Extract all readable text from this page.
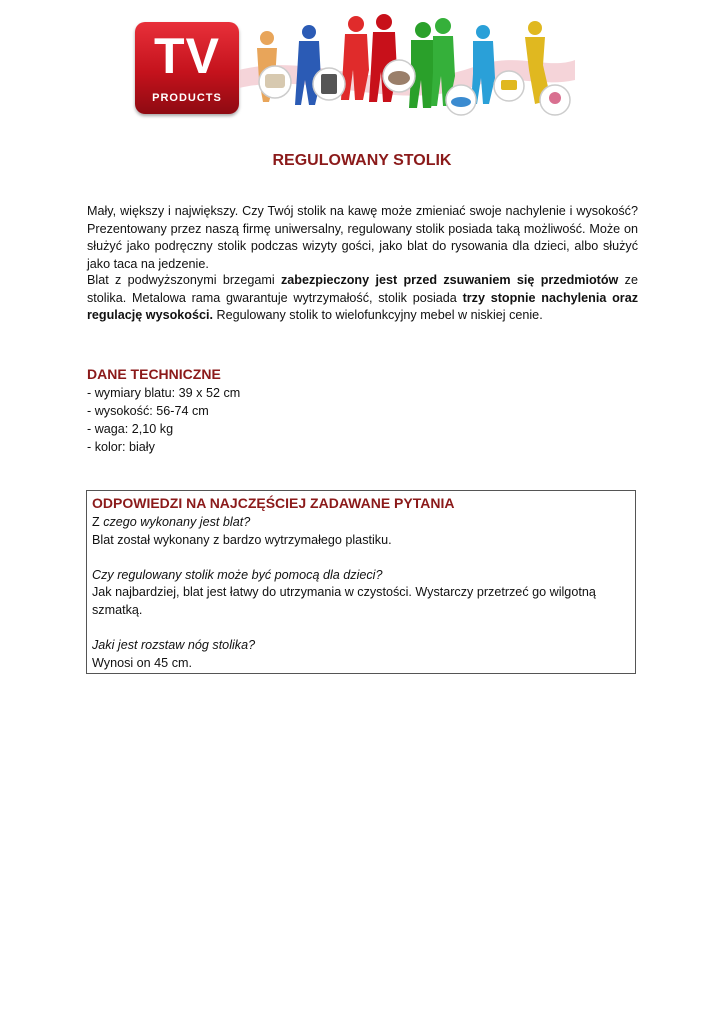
TV
PRODUCTS
REGULOWANY STOLIK

Mały, większy i największy. Czy Twój stolik na kawę może zmieniać swoje nachylenie i wysokość? Prezentowany przez naszą firmę uniwersalny, regulowany stolik posiada taką możliwość. Może on służyć jako podręczny stolik podczas wizyty gości, jako blat do rysowania dla dzieci, albo służyć jako taca na jedzenie.

Blat z podwyższonymi brzegami zabezpieczony jest przed zsuwaniem się przedmiotów ze stolika. Metalowa rama gwarantuje wytrzymałość, stolik posiada trzy stopnie nachylenia oraz regulację wysokości. Regulowany stolik to wielofunkcyjny mebel w niskiej cenie.

DANE TECHNICZNE
- wymiary blatu: 39 x 52 cm
- wysokość: 56-74 cm
- waga: 2,10 kg
- kolor: biały
ODPOWIEDZI NA NAJCZĘŚCIEJ ZADAWANE PYTANIA

Z czego wykonany jest blat?

Blat został wykonany z bardzo wytrzymałego plastiku.

Czy regulowany stolik może być pomocą dla dzieci?

Jak najbardziej, blat jest łatwy do utrzymania w czystości. Wystarczy przetrzeć go wilgotną szmatką.

Jaki jest rozstaw nóg stolika?

Wynosi on 45 cm.
